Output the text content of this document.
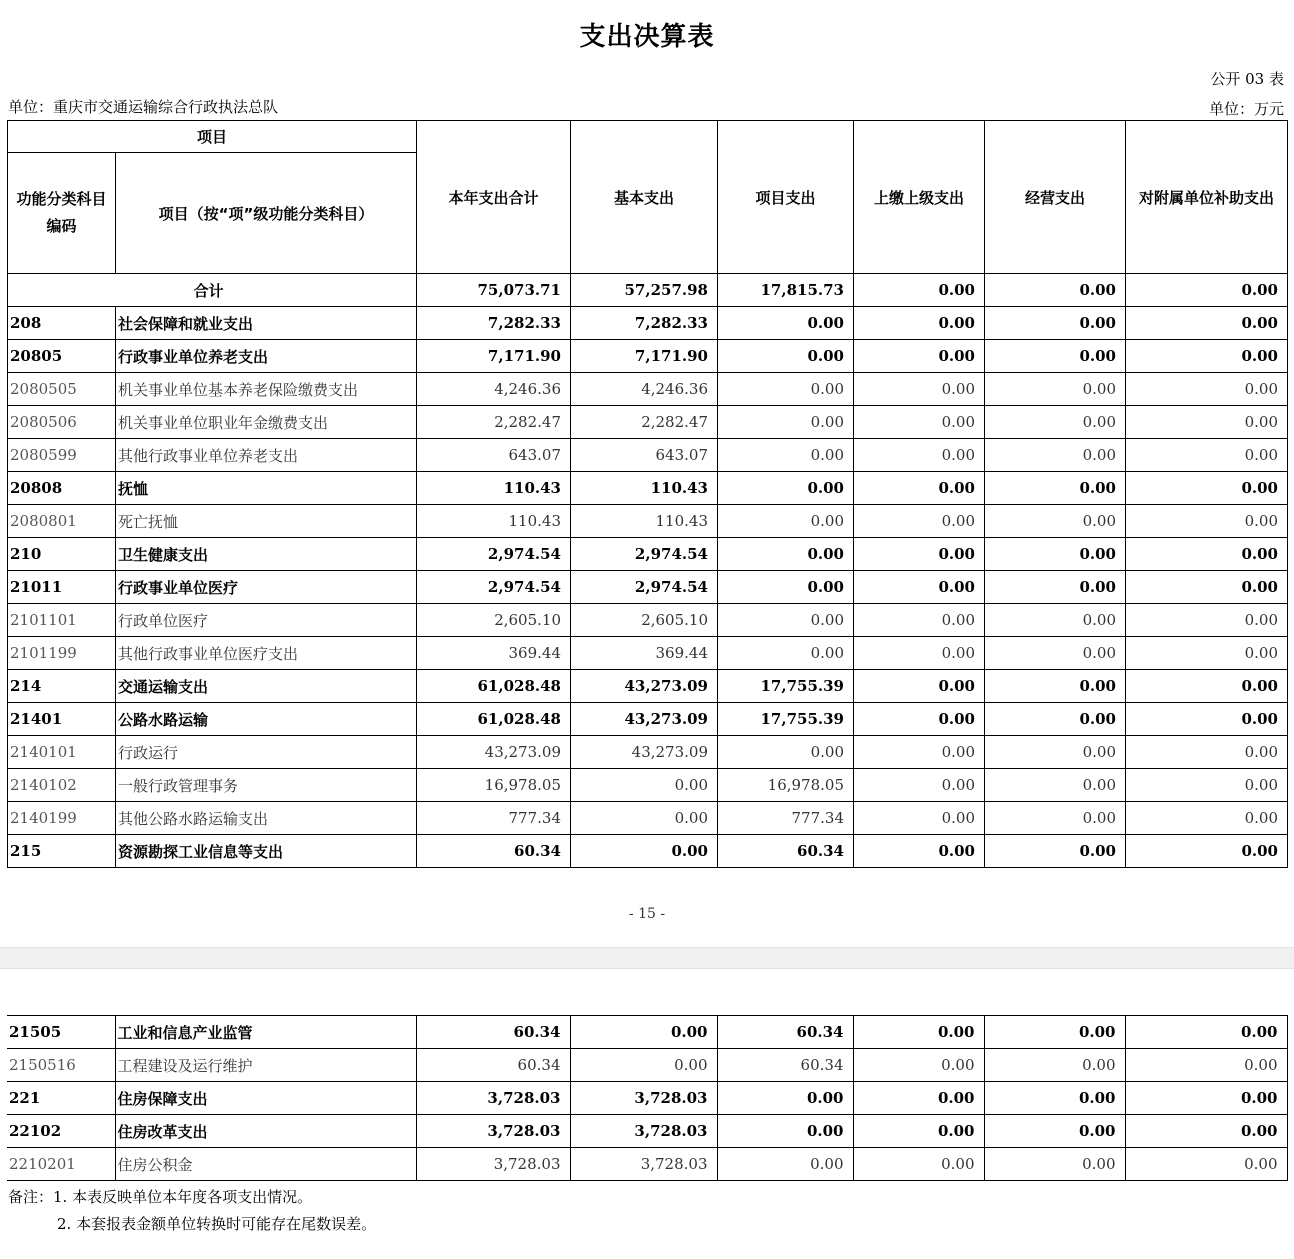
支出决算表
公开 03 表
单位：重庆市交通运输综合行政执法总队	单位：万元
项目		本年支出合计	基本支出	项目支出	上缴上级支出	经营支出	对附属单位补助支出
功能分类科目编码	项目（按“项”级功能分类科目）						
合计		75,073.71	57,257.98	17,815.73	0.00	0.00	0.00
208	社会保障和就业支出	7,282.33	7,282.33	0.00	0.00	0.00	0.00
20805	行政事业单位养老支出	7,171.90	7,171.90	0.00	0.00	0.00	0.00
2080505	机关事业单位基本养老保险缴费支出	4,246.36	4,246.36	0.00	0.00	0.00	0.00
2080506	机关事业单位职业年金缴费支出	2,282.47	2,282.47	0.00	0.00	0.00	0.00
2080599	其他行政事业单位养老支出	643.07	643.07	0.00	0.00	0.00	0.00
20808	抚恤	110.43	110.43	0.00	0.00	0.00	0.00
2080801	死亡抚恤	110.43	110.43	0.00	0.00	0.00	0.00
210	卫生健康支出	2,974.54	2,974.54	0.00	0.00	0.00	0.00
21011	行政事业单位医疗	2,974.54	2,974.54	0.00	0.00	0.00	0.00
2101101	行政单位医疗	2,605.10	2,605.10	0.00	0.00	0.00	0.00
2101199	其他行政事业单位医疗支出	369.44	369.44	0.00	0.00	0.00	0.00
214	交通运输支出	61,028.48	43,273.09	17,755.39	0.00	0.00	0.00
21401	公路水路运输	61,028.48	43,273.09	17,755.39	0.00	0.00	0.00
2140101	行政运行	43,273.09	43,273.09	0.00	0.00	0.00	0.00
2140102	一般行政管理事务	16,978.05	0.00	16,978.05	0.00	0.00	0.00
2140199	其他公路水路运输支出	777.34	0.00	777.34	0.00	0.00	0.00
215	资源勘探工业信息等支出	60.34	0.00	60.34	0.00	0.00	0.00
- 15 -
21505	工业和信息产业监管	60.34	0.00	60.34	0.00	0.00	0.00
2150516	工程建设及运行维护	60.34	0.00	60.34	0.00	0.00	0.00
221	住房保障支出	3,728.03	3,728.03	0.00	0.00	0.00	0.00
22102	住房改革支出	3,728.03	3,728.03	0.00	0.00	0.00	0.00
2210201	住房公积金	3,728.03	3,728.03	0.00	0.00	0.00	0.00
备注：1. 本表反映单位本年度各项支出情况。
2. 本套报表金额单位转换时可能存在尾数误差。
